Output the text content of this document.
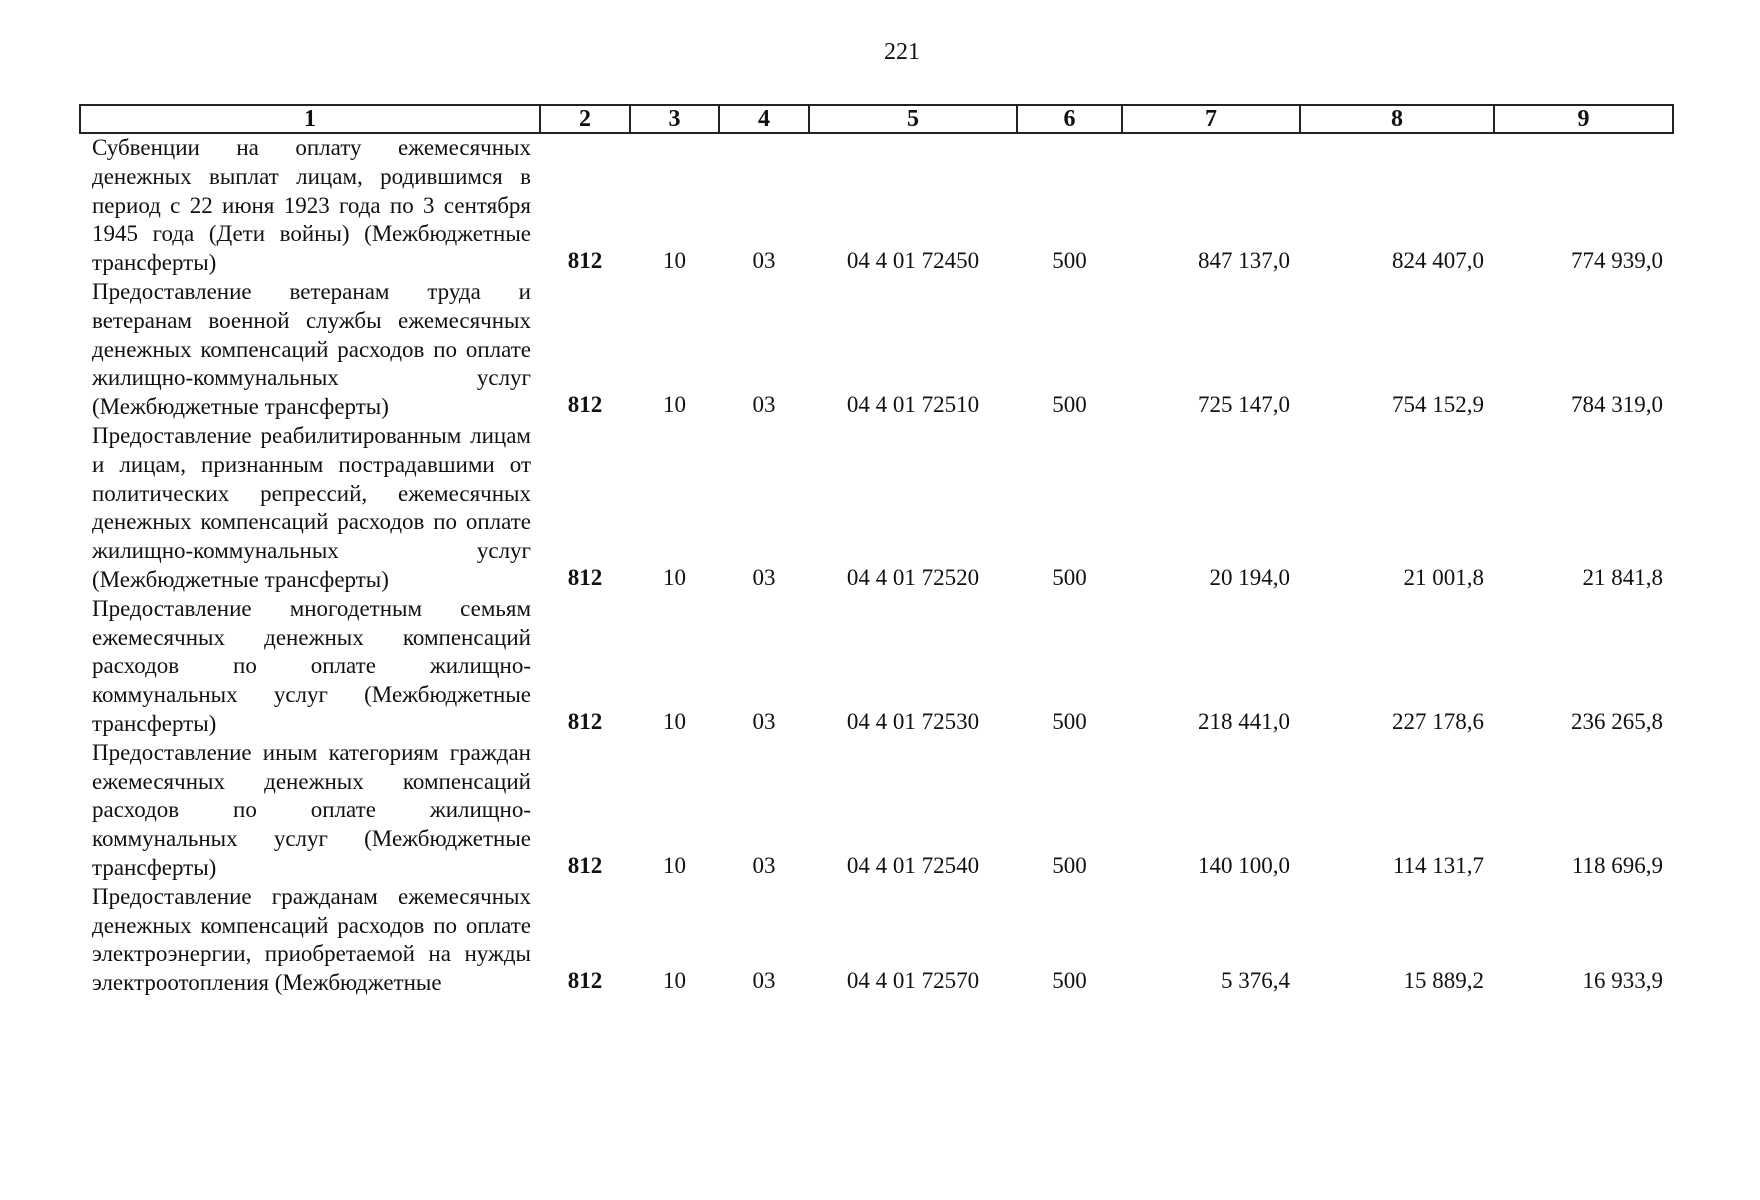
221
1	2	3	4	5	6	7	8	9
Субвенции на оплату ежемесячных денежных выплат лицам, родившимся в период с 22 июня 1923 года по 3 сентября 1945 года (Дети войны) (Межбюджетные трансферты)	812	10	03	04 4 01 72450	500	847 137,0	824 407,0	774 939,0
Предоставление ветеранам труда и ветеранам военной службы ежемесячных денежных компенсаций расходов по оплате жилищно-коммунальных услуг (Межбюджетные трансферты)	812	10	03	04 4 01 72510	500	725 147,0	754 152,9	784 319,0
Предоставление реабилитированным лицам и лицам, признанным пострадавшими от политических репрессий, ежемесячных денежных компенсаций расходов по оплате жилищно-коммунальных услуг (Межбюджетные трансферты)	812	10	03	04 4 01 72520	500	20 194,0	21 001,8	21 841,8
Предоставление многодетным семьям ежемесячных денежных компенсаций расходов по оплате жилищно-коммунальных услуг (Межбюджетные трансферты)	812	10	03	04 4 01 72530	500	218 441,0	227 178,6	236 265,8
Предоставление иным категориям граждан ежемесячных денежных компенсаций расходов по оплате жилищно-коммунальных услуг (Межбюджетные трансферты)	812	10	03	04 4 01 72540	500	140 100,0	114 131,7	118 696,9
Предоставление гражданам ежемесячных денежных компенсаций расходов по оплате электроэнергии, приобретаемой на нужды электроотопления (Межбюджетные	812	10	03	04 4 01 72570	500	5 376,4	15 889,2	16 933,9
